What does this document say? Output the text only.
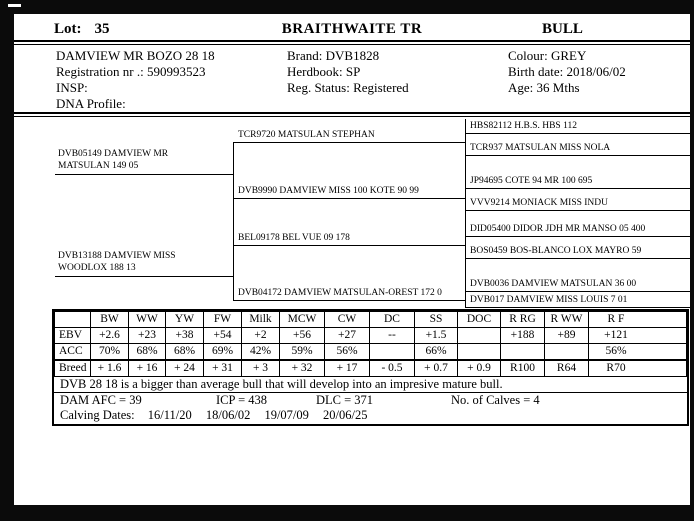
Lot: 35	BRAITHWAITE TR	BULL
DAMVIEW MR BOZO 28 18
Registration nr .: 590993523
INSP:
DNA Profile:
Brand: DVB1828
Herdbook: SP
Reg. Status: Registered
Colour: GREY
Birth date: 2018/06/02
Age: 36 Mths
DVB05149 DAMVIEW MR MATSULAN 149 05
DVB13188 DAMVIEW MISS WOODLOX 188 13
TCR9720 MATSULAN STEPHAN
DVB9990 DAMVIEW MISS 100 KOTE 90 99
BEL09178 BEL VUE 09 178
DVB04172 DAMVIEW MATSULAN-OREST 172 0
HBS82112 H.B.S. HBS 112
TCR937 MATSULAN MISS NOLA
JP94695 COTE 94 MR 100 695
VVV9214 MONIACK MISS INDU
DID05400 DIDOR JDH MR MANSO 05 400
BOS0459 BOS-BLANCO LOX MAYRO 59
DVB0036 DAMVIEW MATSULAN 36 00
DVB017 DAMVIEW MISS LOUIS 7 01
	BW	WW	YW	FW	Milk	MCW	CW	DC	SS	DOC	R RG	R WW	R F
EBV	+2.6	+23	+38	+54	+2	+56	+27	--	+1.5		+188	+89	+121
ACC	70%	68%	68%	69%	42%	59%	56%		66%				56%
Breed	+ 1.6	+ 16	+ 24	+ 31	+ 3	+ 32	+ 17	- 0.5	+ 0.7	+ 0.9	R100	R64	R70
DVB 28 18 is a bigger than average bull that will develop into an impresive mature bull.
DAM AFC = 39	ICP = 438	DLC = 371	No. of Calves = 4
Calving Dates: 16/11/20 18/06/02 19/07/09 20/06/25
